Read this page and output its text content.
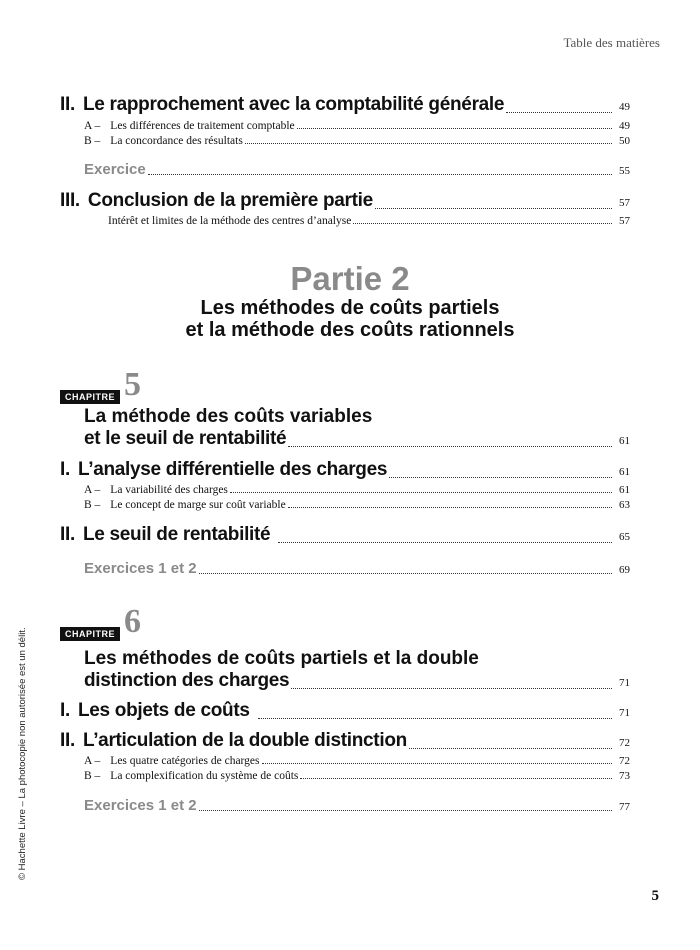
Table des matières
© Hachette Livre – La photocopie non autorisée est un délit.
II. Le rapprochement avec la comptabilité générale	49
A – Les différences de traitement comptable	49
B – La concordance des résultats	50
Exercice	55
III. Conclusion de la première partie	57
Intérêt et limites de la méthode des centres d’analyse	57
Partie 2
Les méthodes de coûts partiels
et la méthode des coûts rationnels
CHAPITRE 5
La méthode des coûts variables
et le seuil de rentabilité	61
I. L’analyse différentielle des charges	61
A – La variabilité des charges	61
B – Le concept de marge sur coût variable	63
II. Le seuil de rentabilité	65
Exercices 1 et 2	69
CHAPITRE 6
Les méthodes de coûts partiels et la double
distinction des charges	71
I. Les objets de coûts	71
II. L’articulation de la double distinction	72
A – Les quatre catégories de charges	72
B – La complexification du système de coûts	73
Exercices 1 et 2	77
5
